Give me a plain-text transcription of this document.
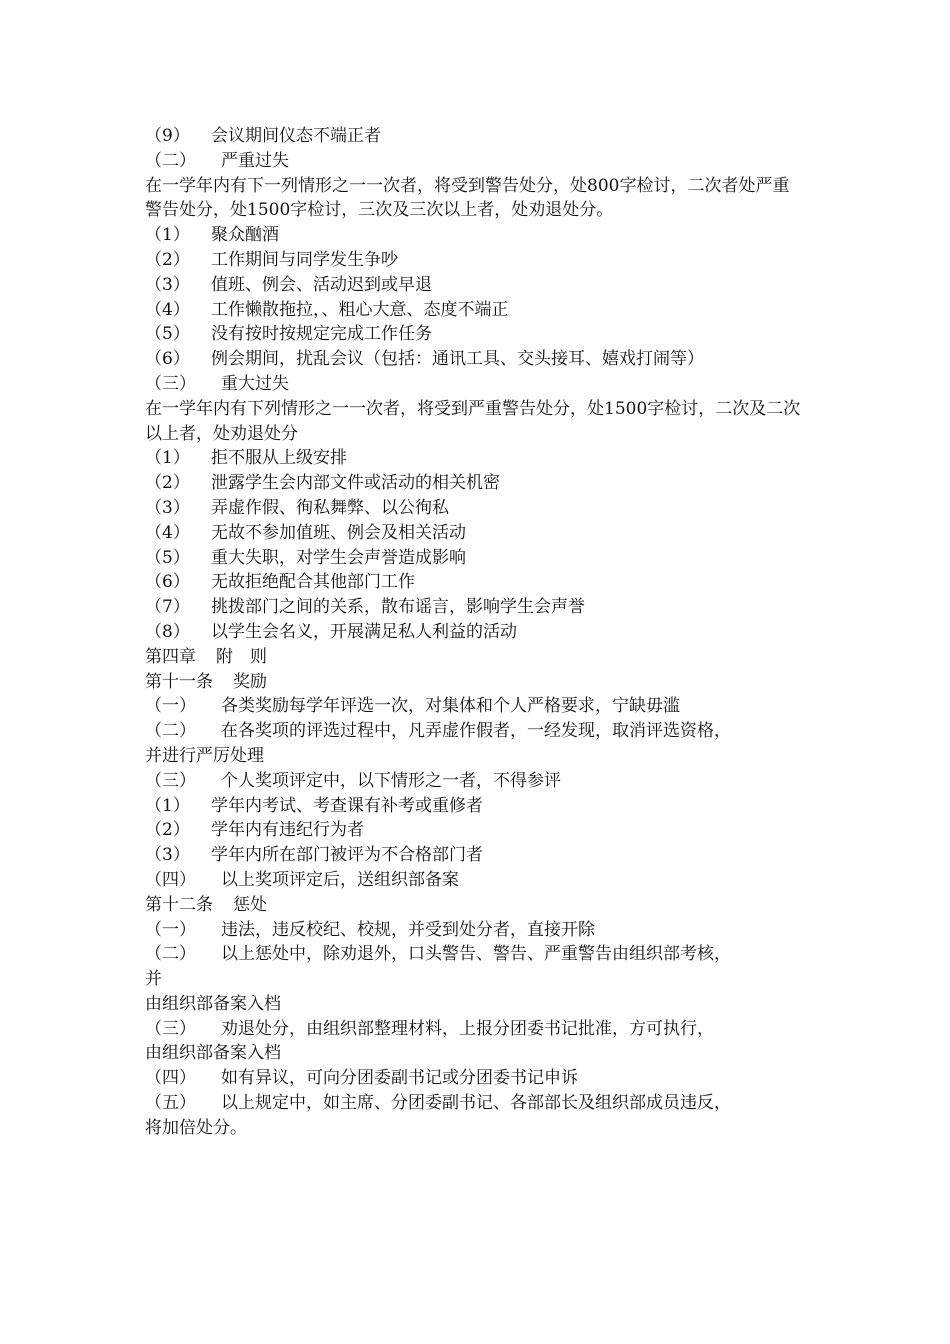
（9） 会议期间仪态不端正者
（二） 严重过失
在一学年内有下一列情形之一一次者，将受到警告处分，处800字检讨，二次者处严重警告处分，处1500字检讨，三次及三次以上者，处劝退处分。
（1） 聚众酗酒
（2） 工作期间与同学发生争吵
（3） 值班、例会、活动迟到或早退
（4） 工作懒散拖拉，、粗心大意、态度不端正
（5） 没有按时按规定完成工作任务
（6） 例会期间，扰乱会议（包括：通讯工具、交头接耳、嬉戏打闹等）
（三） 重大过失
在一学年内有下列情形之一一次者，将受到严重警告处分，处1500字检讨，二次及二次以上者，处劝退处分
（1） 拒不服从上级安排
（2） 泄露学生会内部文件或活动的相关机密
（3） 弄虚作假、徇私舞弊、以公徇私
（4） 无故不参加值班、例会及相关活动
（5） 重大失职，对学生会声誉造成影响
（6） 无故拒绝配合其他部门工作
（7） 挑拨部门之间的关系，散布谣言，影响学生会声誉
（8） 以学生会名义，开展满足私人利益的活动
第四章 附　则
第十一条 奖励
（一） 各类奖励每学年评选一次，对集体和个人严格要求，宁缺毋滥
（二） 在各奖项的评选过程中，凡弄虚作假者，一经发现，取消评选资格，
并进行严厉处理
（三） 个人奖项评定中，以下情形之一者，不得参评
（1） 学年内考试、考查课有补考或重修者
（2） 学年内有违纪行为者
（3） 学年内所在部门被评为不合格部门者
（四） 以上奖项评定后，送组织部备案
第十二条 惩处
（一） 违法，违反校纪、校规，并受到处分者，直接开除
（二） 以上惩处中，除劝退外，口头警告、警告、严重警告由组织部考核，
并
由组织部备案入档
（三） 劝退处分，由组织部整理材料，上报分团委书记批准，方可执行，
由组织部备案入档
（四） 如有异议，可向分团委副书记或分团委书记申诉
（五） 以上规定中，如主席、分团委副书记、各部部长及组织部成员违反，
将加倍处分。
